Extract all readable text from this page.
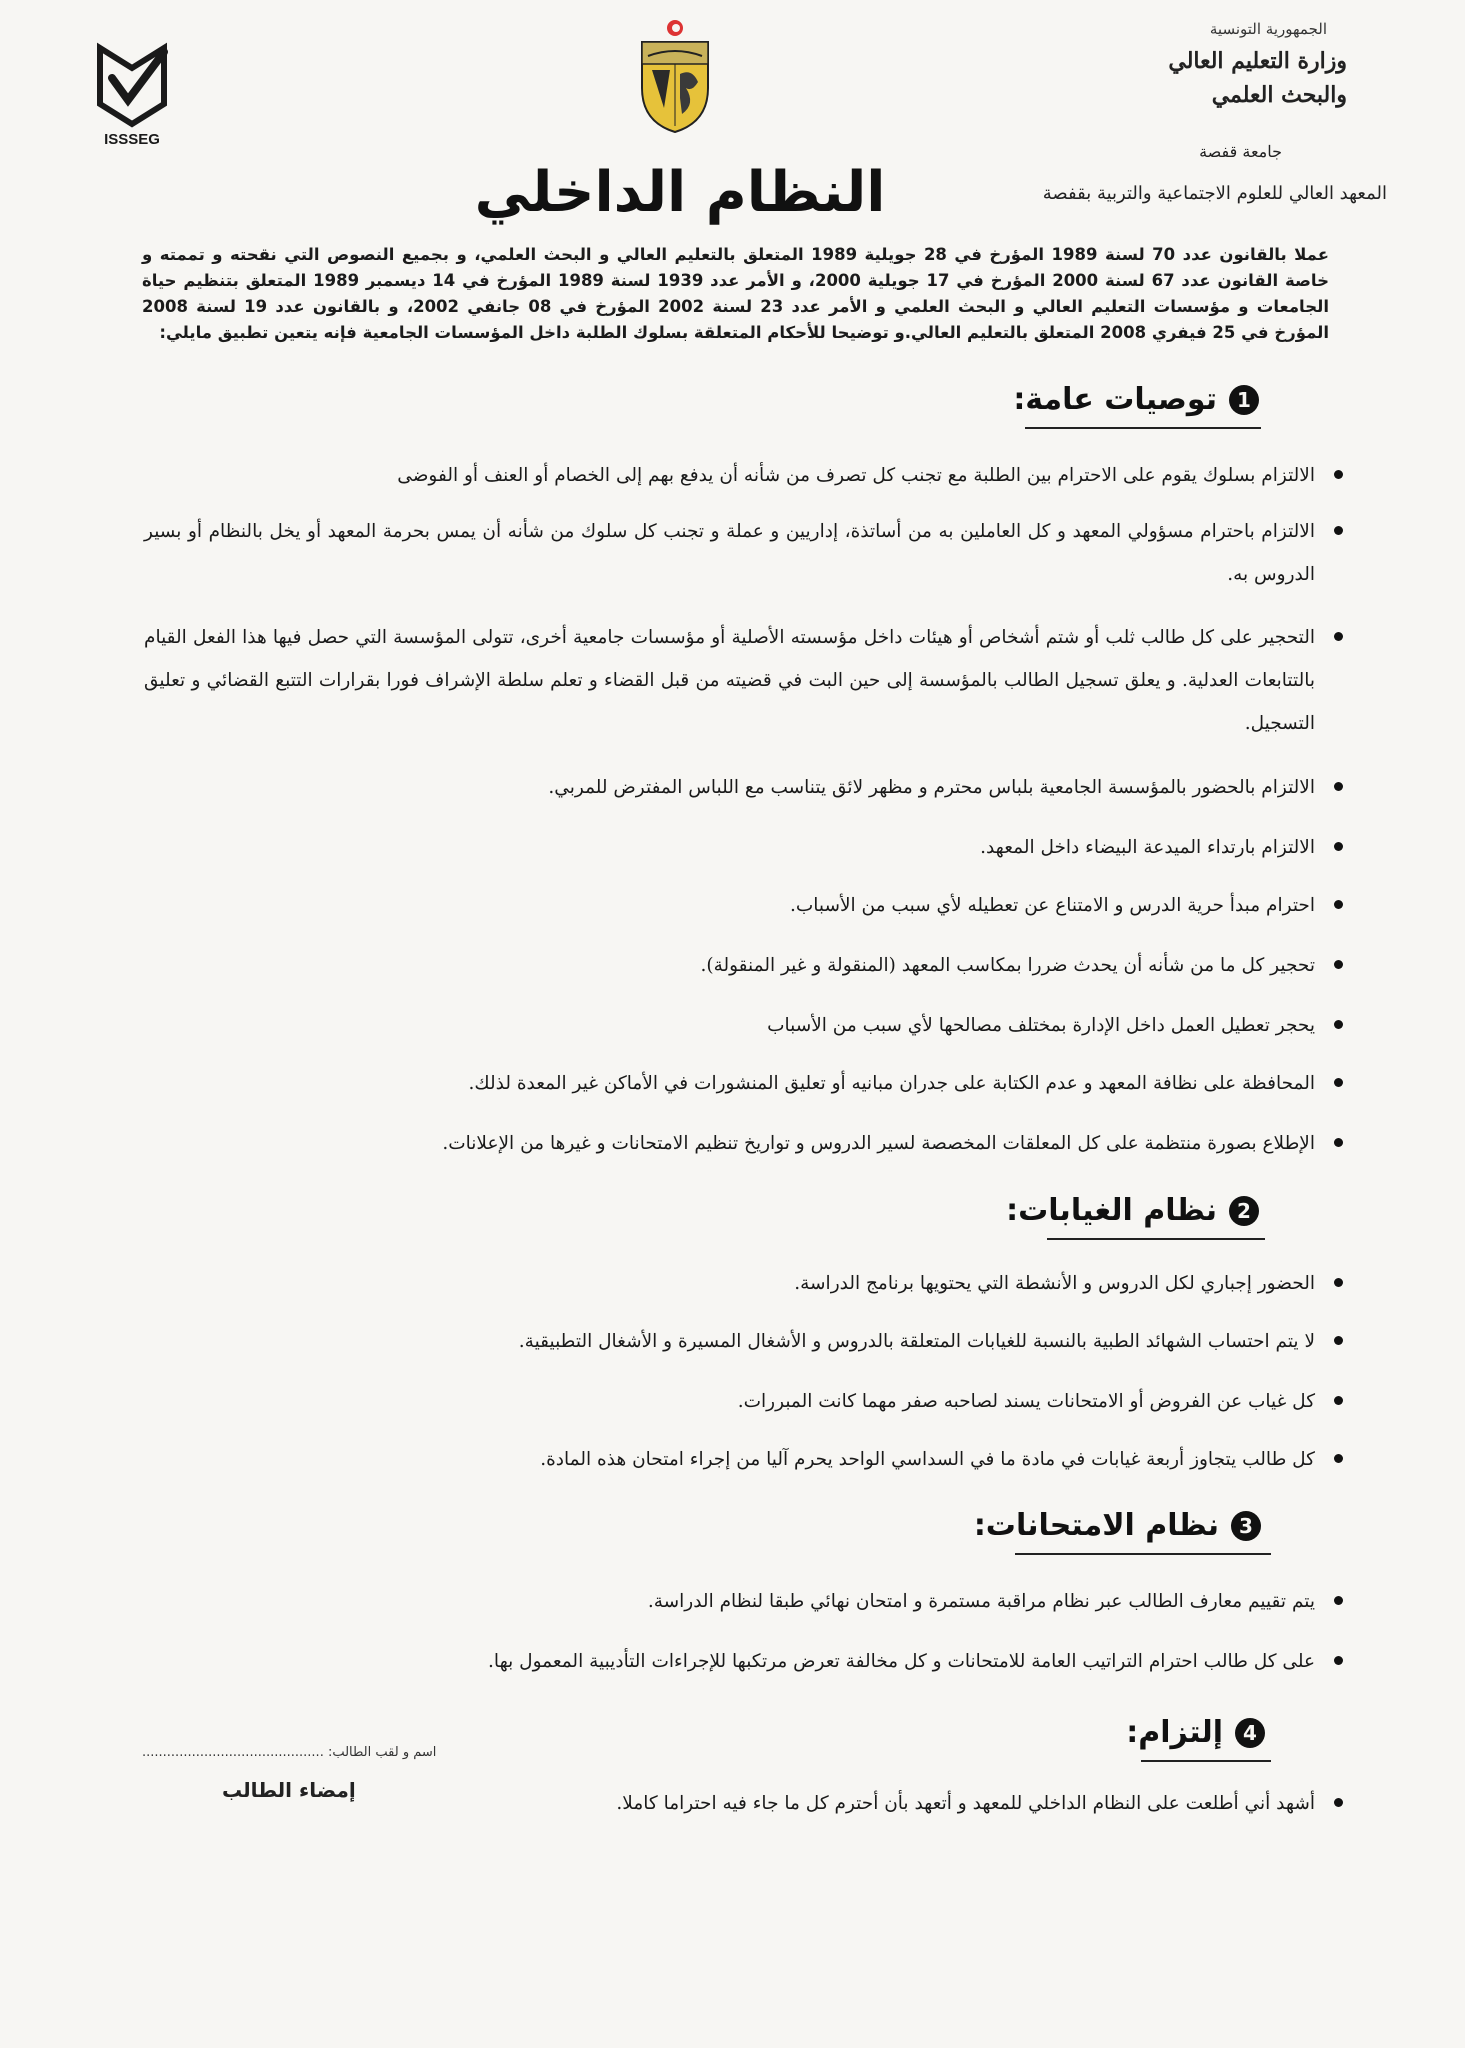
الجمهورية التونسية
وزارة التعليم العالي
والبحث العلمي
جامعة قفصة
المعهد العالي للعلوم الاجتماعية والتربية بقفصة
ISSSEG
النظام الداخلي
عملا بالقانون عدد 70 لسنة 1989 المؤرخ في 28 جويلية 1989 المتعلق بالتعليم العالي و البحث العلمي، و بجميع النصوص التي نقحته و تممته و خاصة القانون عدد 67 لسنة 2000 المؤرخ في 17 جويلية 2000، و الأمر عدد 1939 لسنة 1989 المؤرخ في 14 ديسمبر 1989 المتعلق بتنظيم حياة الجامعات و مؤسسات التعليم العالي و البحث العلمي و الأمر عدد 23 لسنة 2002 المؤرخ في 08 جانفي 2002، و بالقانون عدد 19 لسنة 2008 المؤرخ في 25 فيفري 2008 المتعلق بالتعليم العالي.و توضيحا للأحكام المتعلقة بسلوك الطلبة داخل المؤسسات الجامعية فإنه يتعين تطبيق مايلي:
1
توصيات عامة:
الالتزام بسلوك يقوم على الاحترام بين الطلبة مع تجنب كل تصرف من شأنه أن يدفع بهم إلى الخصام أو العنف أو الفوضى
الالتزام باحترام مسؤولي المعهد و كل العاملين به من أساتذة، إداريين و عملة و تجنب كل سلوك من شأنه أن يمس بحرمة المعهد أو يخل بالنظام أو بسير الدروس به.
التحجير على كل طالب ثلب أو شتم أشخاص أو هيئات داخل مؤسسته الأصلية أو مؤسسات جامعية أخرى، تتولى المؤسسة التي حصل فيها هذا الفعل القيام بالتتابعات العدلية. و يعلق تسجيل الطالب بالمؤسسة إلى حين البت في قضيته من قبل القضاء و تعلم سلطة الإشراف فورا بقرارات التتبع القضائي و تعليق التسجيل.
الالتزام بالحضور بالمؤسسة الجامعية بلباس محترم و مظهر لائق يتناسب مع اللباس المفترض للمربي.
الالتزام بارتداء الميدعة البيضاء داخل المعهد.
احترام مبدأ حرية الدرس و الامتناع عن تعطيله لأي سبب من الأسباب.
تحجير كل ما من شأنه أن يحدث ضررا بمكاسب المعهد (المنقولة و غير المنقولة).
يحجر تعطيل العمل داخل الإدارة بمختلف مصالحها لأي سبب من الأسباب
المحافظة على نظافة المعهد و عدم الكتابة على جدران مبانيه أو تعليق المنشورات في الأماكن غير المعدة لذلك.
الإطلاع بصورة منتظمة على كل المعلقات المخصصة لسير الدروس و تواريخ تنظيم الامتحانات و غيرها من الإعلانات.
2
نظام الغيابات:
الحضور إجباري لكل الدروس و الأنشطة التي يحتويها برنامج الدراسة.
لا يتم احتساب الشهائد الطبية بالنسبة للغيابات المتعلقة بالدروس و الأشغال المسيرة و الأشغال التطبيقية.
كل غياب عن الفروض أو الامتحانات يسند لصاحبه صفر مهما كانت المبررات.
كل طالب يتجاوز أربعة غيابات في مادة ما في السداسي الواحد يحرم آليا من إجراء امتحان هذه المادة.
3
نظام الامتحانات:
يتم تقييم معارف الطالب عبر نظام مراقبة مستمرة و امتحان نهائي طبقا لنظام الدراسة.
على كل طالب احترام التراتيب العامة للامتحانات و كل مخالفة تعرض مرتكبها للإجراءات التأديبية المعمول بها.
4
إلتزام:
أشهد أني أطلعت على النظام الداخلي للمعهد و أتعهد بأن أحترم كل ما جاء فيه احتراما كاملا.
اسم و لقب الطالب: ............................................
إمضاء الطالب
